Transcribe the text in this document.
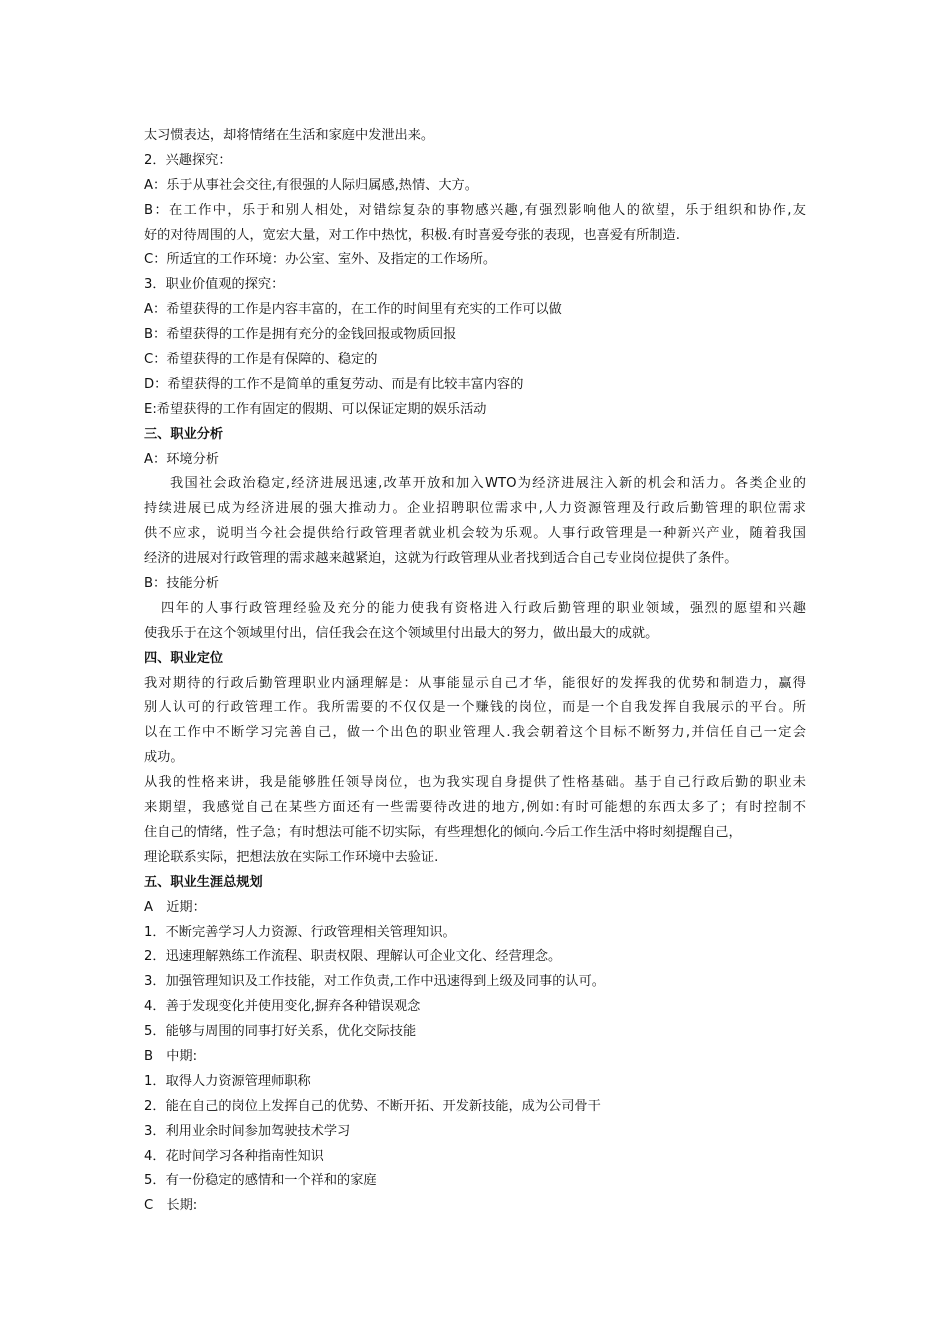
太习惯表达，却将情绪在生活和家庭中发泄出来。
2．兴趣探究：
A：乐于从事社会交往,有很强的人际归属感,热情、大方。
B：在工作中，乐于和别人相处，对错综复杂的事物感兴趣,有强烈影响他人的欲望，乐于组织和协作,友
好的对待周围的人，宽宏大量，对工作中热忱，积极.有时喜爱夸张的表现，也喜爱有所制造.
C：所适宜的工作环境：办公室、室外、及指定的工作场所。
3．职业价值观的探究：
A：希望获得的工作是内容丰富的，在工作的时间里有充实的工作可以做
B：希望获得的工作是拥有充分的金钱回报或物质回报
C：希望获得的工作是有保障的、稳定的
D：希望获得的工作不是简单的重复劳动、而是有比较丰富内容的
E:希望获得的工作有固定的假期、可以保证定期的娱乐活动
三、职业分析
A：环境分析
我国社会政治稳定,经济进展迅速,改革开放和加入WTO为经济进展注入新的机会和活力。各类企业的
持续进展已成为经济进展的强大推动力。企业招聘职位需求中,人力资源管理及行政后勤管理的职位需求
供不应求，说明当今社会提供给行政管理者就业机会较为乐观。人事行政管理是一种新兴产业，随着我国
经济的进展对行政管理的需求越来越紧迫，这就为行政管理从业者找到适合自己专业岗位提供了条件。
B：技能分析
四年的人事行政管理经验及充分的能力使我有资格进入行政后勤管理的职业领域，强烈的愿望和兴趣
使我乐于在这个领域里付出，信任我会在这个领域里付出最大的努力，做出最大的成就。
四、职业定位
我对期待的行政后勤管理职业内涵理解是：从事能显示自己才华，能很好的发挥我的优势和制造力，赢得
别人认可的行政管理工作。我所需要的不仅仅是一个赚钱的岗位，而是一个自我发挥自我展示的平台。所
以在工作中不断学习完善自己，做一个出色的职业管理人.我会朝着这个目标不断努力,并信任自己一定会
成功。
从我的性格来讲，我是能够胜任领导岗位，也为我实现自身提供了性格基础。基于自己行政后勤的职业未
来期望，我感觉自己在某些方面还有一些需要待改进的地方,例如:有时可能想的东西太多了；有时控制不
住自己的情绪，性子急；有时想法可能不切实际，有些理想化的倾向.今后工作生活中将时刻提醒自己，
理论联系实际，把想法放在实际工作环境中去验证.
五、职业生涯总规划
A　近期：
1．不断完善学习人力资源、行政管理相关管理知识。
2．迅速理解熟练工作流程、职责权限、理解认可企业文化、经营理念。
3．加强管理知识及工作技能，对工作负责,工作中迅速得到上级及同事的认可。
4．善于发现变化并使用变化,摒弃各种错误观念
5．能够与周围的同事打好关系，优化交际技能
B　中期:
1．取得人力资源管理师职称
2．能在自己的岗位上发挥自己的优势、不断开拓、开发新技能，成为公司骨干
3．利用业余时间参加驾驶技术学习
4．花时间学习各种指南性知识
5．有一份稳定的感情和一个祥和的家庭
C　长期:
